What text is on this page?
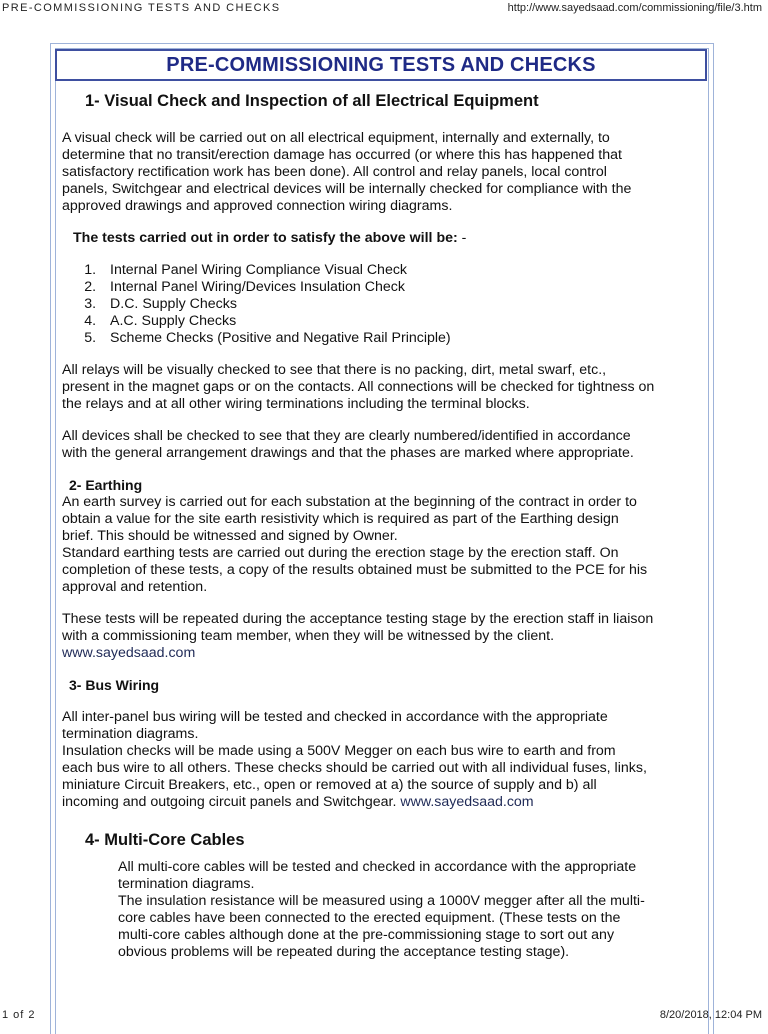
PRE-COMMISSIONING TESTS AND CHECKS	http://www.sayedsaad.com/commissioning/file/3.htm
PRE-COMMISSIONING TESTS AND CHECKS
1- Visual Check and Inspection of all Electrical Equipment

A visual check will be carried out on all electrical equipment, internally and externally, to
determine that no transit/erection damage has occurred (or where this has happened that
satisfactory rectification work has been done). All control and relay panels, local control
panels, Switchgear and electrical devices will be internally checked for compliance with the
approved drawings and approved connection wiring diagrams.

The tests carried out in order to satisfy the above will be: -

1. Internal Panel Wiring Compliance Visual Check
2. Internal Panel Wiring/Devices Insulation Check
3. D.C. Supply Checks
4. A.C. Supply Checks
5. Scheme Checks (Positive and Negative Rail Principle)

All relays will be visually checked to see that there is no packing, dirt, metal swarf, etc.,
present in the magnet gaps or on the contacts. All connections will be checked for tightness on
the relays and at all other wiring terminations including the terminal blocks.

All devices shall be checked to see that they are clearly numbered/identified in accordance
with the general arrangement drawings and that the phases are marked where appropriate.

2- Earthing

An earth survey is carried out for each substation at the beginning of the contract in order to
obtain a value for the site earth resistivity which is required as part of the Earthing design
brief. This should be witnessed and signed by Owner.
Standard earthing tests are carried out during the erection stage by the erection staff. On
completion of these tests, a copy of the results obtained must be submitted to the PCE for his
approval and retention.

These tests will be repeated during the acceptance testing stage by the erection staff in liaison
with a commissioning team member, when they will be witnessed by the client.
www.sayedsaad.com

3- Bus Wiring

All inter-panel bus wiring will be tested and checked in accordance with the appropriate
termination diagrams.
Insulation checks will be made using a 500V Megger on each bus wire to earth and from
each bus wire to all others. These checks should be carried out with all individual fuses, links,
miniature Circuit Breakers, etc., open or removed at a) the source of supply and b) all
incoming and outgoing circuit panels and Switchgear. www.sayedsaad.com

4- Multi-Core Cables

All multi-core cables will be tested and checked in accordance with the appropriate
termination diagrams.
The insulation resistance will be measured using a 1000V megger after all the multi-
core cables have been connected to the erected equipment. (These tests on the
multi-core cables although done at the pre-commissioning stage to sort out any
obvious problems will be repeated during the acceptance testing stage).

1 of 2	8/20/2018, 12:04 PM
